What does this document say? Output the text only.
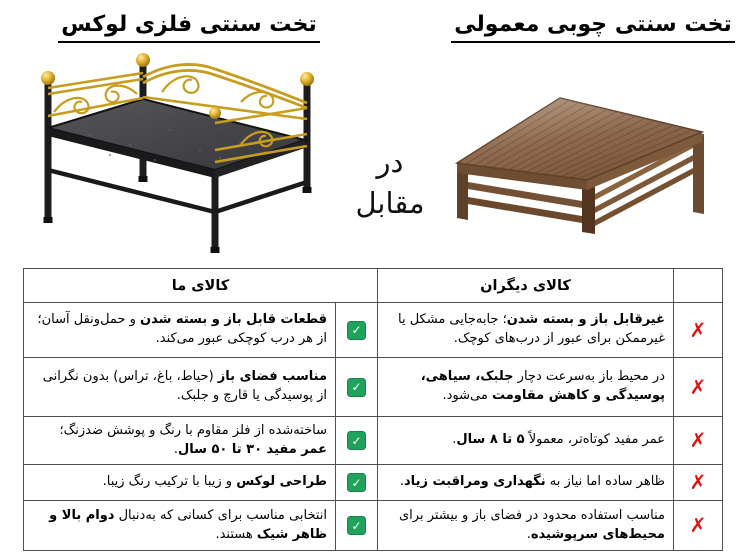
تخت سنتی فلزی لوکس	تخت سنتی چوبی معمولی
در
مقابل
	کالای دیگران	کالای ما	
✗	غیرقابل باز و بسته شدن؛ جابه‌جایی مشکل یا غیرممکن برای عبور از درب‌های کوچک.	✓	قطعات قابل باز و بسته شدن و حمل‌ونقل آسان؛ از هر درب کوچکی عبور می‌کند.
✗	در محیط باز به‌سرعت دچار جلبک، سیاهی، پوسیدگی و کاهش مقاومت می‌شود.	✓	مناسب فضای باز (حیاط، باغ، تراس) بدون نگرانی از پوسیدگی یا قارچ و جلبک.
✗	عمر مفید کوتاه‌تر، معمولاً ۵ تا ۸ سال.	✓	ساخته‌شده از فلز مقاوم با رنگ و پوشش ضدزنگ؛ عمر مفید ۳۰ تا ۵۰ سال.
✗	ظاهر ساده اما نیاز به نگهداری ومراقبت زیاد.	✓	طراحی لوکس و زیبا با ترکیب رنگ زیبا.
✗	مناسب استفاده محدود در فضای باز و بیشتر برای محیط‌های سرپوشیده.	✓	انتخابی مناسب برای کسانی که به‌دنبال دوام بالا و ظاهر شیک هستند.
